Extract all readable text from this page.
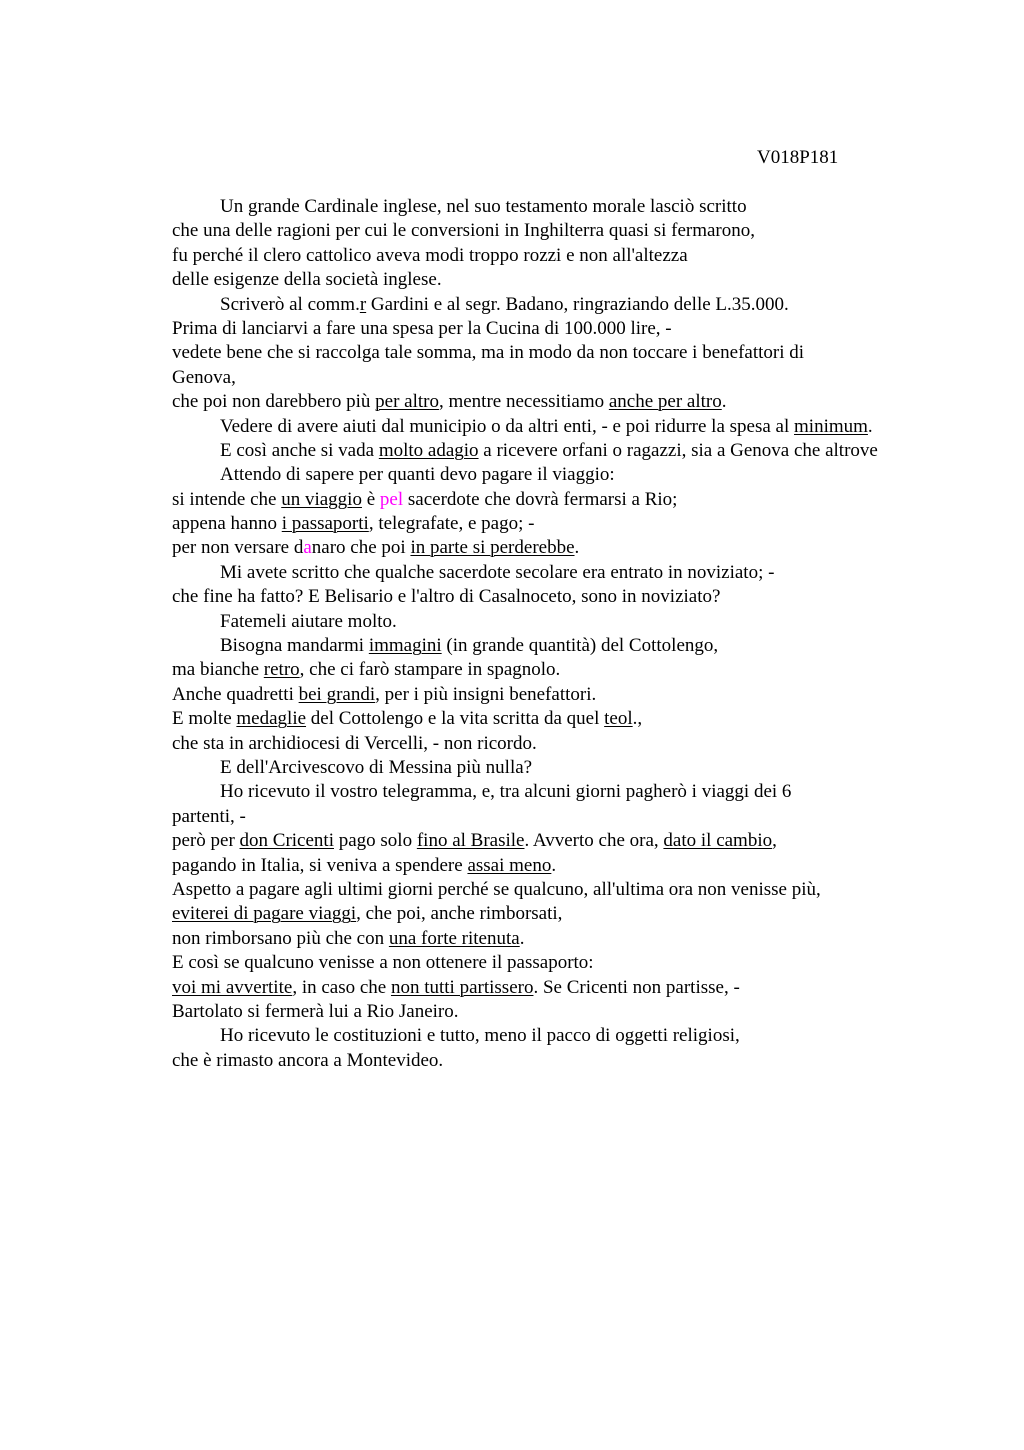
V018P181
Un grande Cardinale inglese, nel suo testamento morale lasciò scritto
che una delle ragioni per cui le conversioni in Inghilterra quasi si fermarono,
fu perché il clero cattolico aveva modi troppo rozzi e non all'altezza
delle esigenze della società inglese.
Scriverò al comm.r Gardini e al segr. Badano, ringraziando delle L.35.000.
Prima di lanciarvi a fare una spesa per la Cucina di 100.000 lire, -
vedete bene che si raccolga tale somma, ma in modo da non toccare i benefattori di
Genova,
che poi non darebbero più per altro, mentre necessitiamo anche per altro.
Vedere di avere aiuti dal municipio o da altri enti, - e poi ridurre la spesa al minimum.
E così anche si vada molto adagio a ricevere orfani o ragazzi, sia a Genova che altrove
Attendo di sapere per quanti devo pagare il viaggio:
si intende che un viaggio è pel sacerdote che dovrà fermarsi a Rio;
appena hanno i passaporti, telegrafate, e pago; -
per non versare danaro che poi in parte si perderebbe.
Mi avete scritto che qualche sacerdote secolare era entrato in noviziato; -
che fine ha fatto? E Belisario e l'altro di Casalnoceto, sono in noviziato?
Fatemeli aiutare molto.
Bisogna mandarmi immagini (in grande quantità) del Cottolengo,
ma bianche retro, che ci farò stampare in spagnolo.
Anche quadretti bei grandi, per i più insigni benefattori.
E molte medaglie del Cottolengo e la vita scritta da quel teol.,
che sta in archidiocesi di Vercelli, - non ricordo.
E dell'Arcivescovo di Messina più nulla?
Ho ricevuto il vostro telegramma, e, tra alcuni giorni pagherò i viaggi dei 6
partenti, -
però per don Cricenti pago solo fino al Brasile. Avverto che ora, dato il cambio,
pagando in Italia, si veniva a spendere assai meno.
Aspetto a pagare agli ultimi giorni perché se qualcuno, all'ultima ora non venisse più,
eviterei di pagare viaggi, che poi, anche rimborsati,
non rimborsano più che con una forte ritenuta.
E così se qualcuno venisse a non ottenere il passaporto:
voi mi avvertite, in caso che non tutti partissero. Se Cricenti non partisse, -
Bartolato si fermerà lui a Rio Janeiro.
Ho ricevuto le costituzioni e tutto, meno il pacco di oggetti religiosi,
che è rimasto ancora a Montevideo.
